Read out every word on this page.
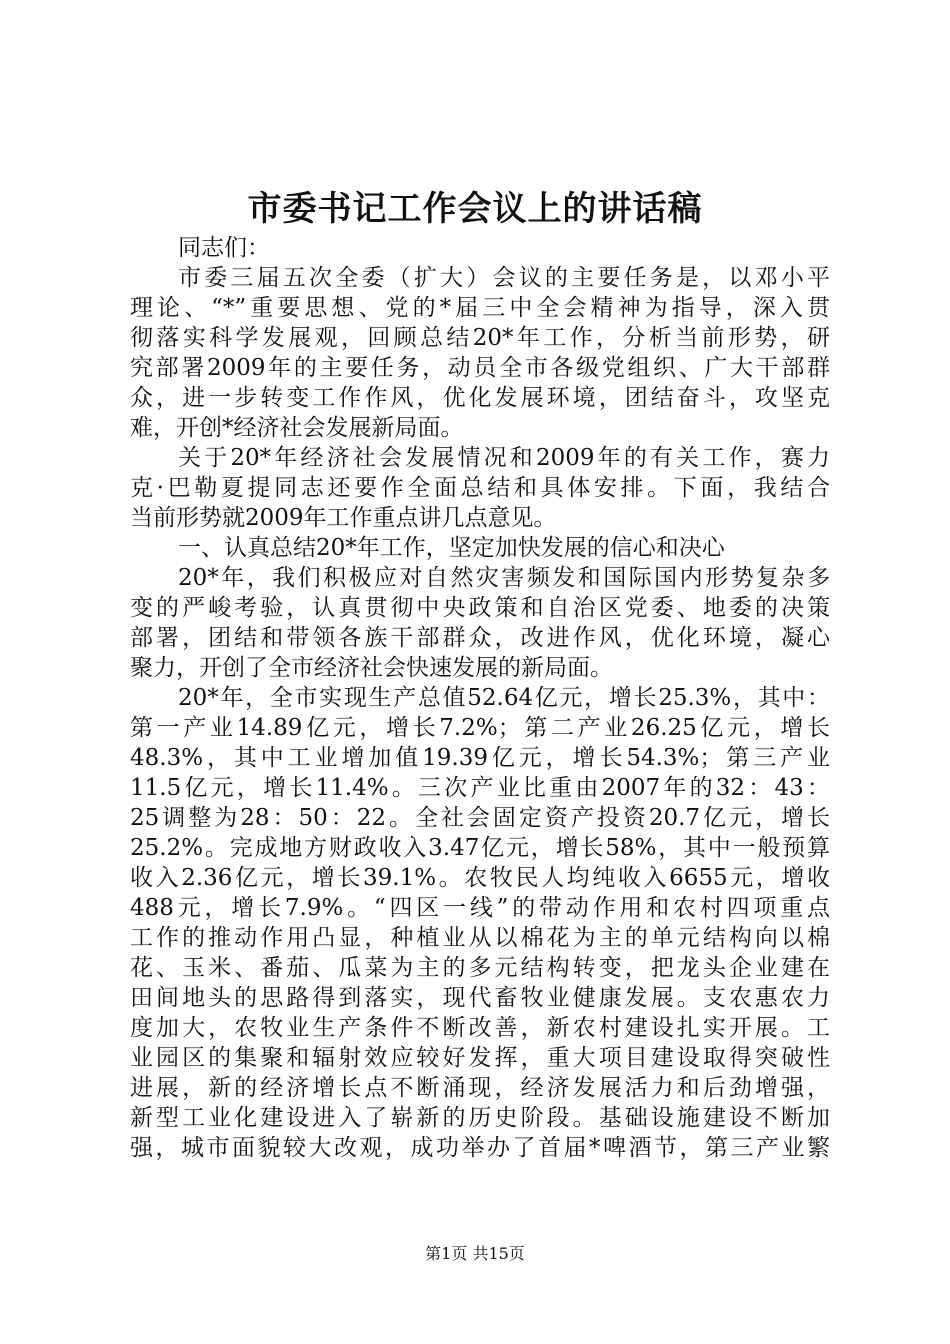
市委书记工作会议上的讲话稿
同志们：
市委三届五次全委（扩大）会议的主要任务是，以邓小平
理论、“*”重要思想、党的*届三中全会精神为指导，深入贯
彻落实科学发展观，回顾总结20*年工作，分析当前形势，研
究部署2009年的主要任务，动员全市各级党组织、广大干部群
众，进一步转变工作作风，优化发展环境，团结奋斗，攻坚克
难，开创*经济社会发展新局面。
关于20*年经济社会发展情况和2009年的有关工作，赛力
克·巴勒夏提同志还要作全面总结和具体安排。下面，我结合
当前形势就2009年工作重点讲几点意见。
一、认真总结20*年工作，坚定加快发展的信心和决心
20*年，我们积极应对自然灾害频发和国际国内形势复杂多
变的严峻考验，认真贯彻中央政策和自治区党委、地委的决策
部署，团结和带领各族干部群众，改进作风，优化环境，凝心
聚力，开创了全市经济社会快速发展的新局面。
20*年，全市实现生产总值52.64亿元，增长25.3%，其中：
第一产业14.89亿元，增长7.2%；第二产业26.25亿元，增长
48.3%，其中工业增加值19.39亿元，增长54.3%；第三产业
11.5亿元，增长11.4%。三次产业比重由2007年的32：43：
25调整为28：50：22。全社会固定资产投资20.7亿元，增长
25.2%。完成地方财政收入3.47亿元，增长58%，其中一般预算
收入2.36亿元，增长39.1%。农牧民人均纯收入6655元，增收
488元，增长7.9%。“四区一线”的带动作用和农村四项重点
工作的推动作用凸显，种植业从以棉花为主的单元结构向以棉
花、玉米、番茄、瓜菜为主的多元结构转变，把龙头企业建在
田间地头的思路得到落实，现代畜牧业健康发展。支农惠农力
度加大，农牧业生产条件不断改善，新农村建设扎实开展。工
业园区的集聚和辐射效应较好发挥，重大项目建设取得突破性
进展，新的经济增长点不断涌现，经济发展活力和后劲增强，
新型工业化建设进入了崭新的历史阶段。基础设施建设不断加
强，城市面貌较大改观，成功举办了首届*啤酒节，第三产业繁
第1页 共15页
